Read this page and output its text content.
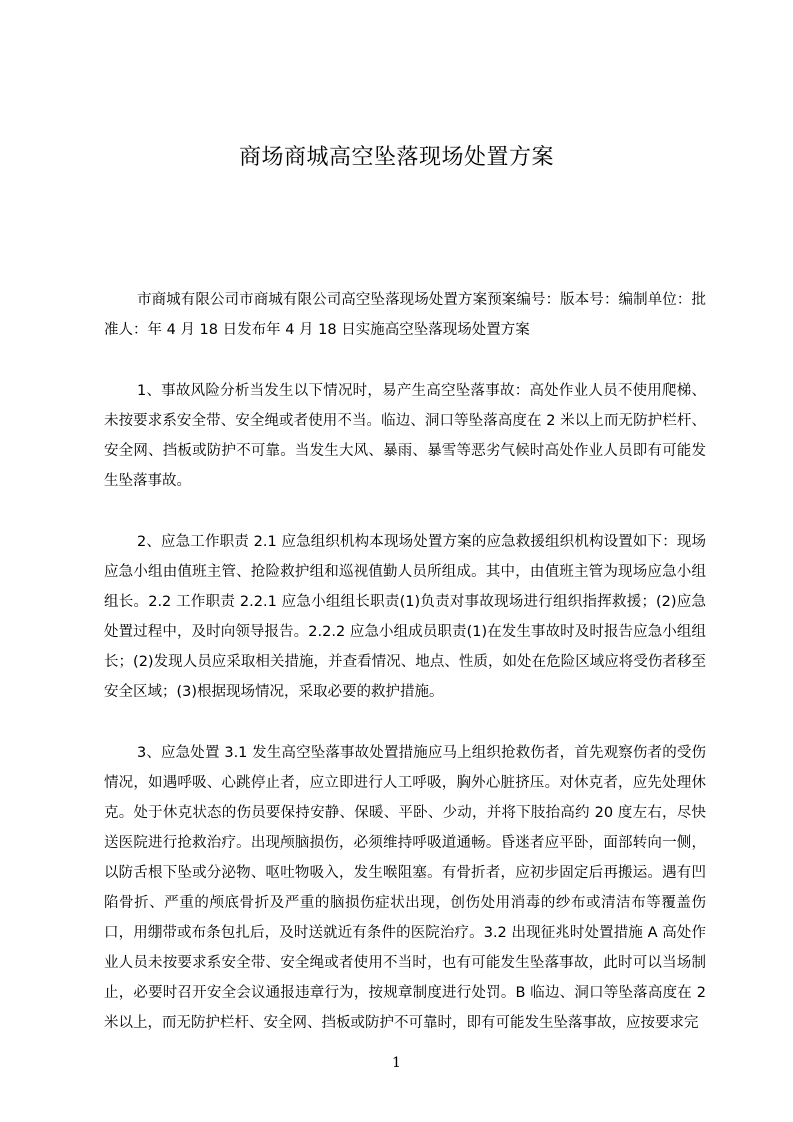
商场商城高空坠落现场处置方案

市商城有限公司市商城有限公司高空坠落现场处置方案预案编号：版本号：编制单位：批准人：年 4 月 18 日发布年 4 月 18 日实施高空坠落现场处置方案

1、事故风险分析当发生以下情况时，易产生高空坠落事故：高处作业人员不使用爬梯、未按要求系安全带、安全绳或者使用不当。临边、洞口等坠落高度在 2 米以上而无防护栏杆、安全网、挡板或防护不可靠。当发生大风、暴雨、暴雪等恶劣气候时高处作业人员即有可能发生坠落事故。

2、应急工作职责 2.1 应急组织机构本现场处置方案的应急救援组织机构设置如下：现场应急小组由值班主管、抢险救护组和巡视值勤人员所组成。其中，由值班主管为现场应急小组组长。2.2 工作职责 2.2.1 应急小组组长职责(1)负责对事故现场进行组织指挥救援；(2)应急处置过程中，及时向领导报告。2.2.2 应急小组成员职责(1)在发生事故时及时报告应急小组组长；(2)发现人员应采取相关措施，并查看情况、地点、性质，如处在危险区域应将受伤者移至安全区域；(3)根据现场情况，采取必要的救护措施。

3、应急处置 3.1 发生高空坠落事故处置措施应马上组织抢救伤者，首先观察伤者的受伤情况，如遇呼吸、心跳停止者，应立即进行人工呼吸，胸外心脏挤压。对休克者，应先处理休克。处于休克状态的伤员要保持安静、保暖、平卧、少动，并将下肢抬高约 20 度左右，尽快送医院进行抢救治疗。出现颅脑损伤，必须维持呼吸道通畅。昏迷者应平卧，面部转向一侧，以防舌根下坠或分泌物、呕吐物吸入，发生喉阻塞。有骨折者，应初步固定后再搬运。遇有凹陷骨折、严重的颅底骨折及严重的脑损伤症状出现，创伤处用消毒的纱布或清洁布等覆盖伤口，用绷带或布条包扎后，及时送就近有条件的医院治疗。3.2 出现征兆时处置措施 A 高处作业人员未按要求系安全带、安全绳或者使用不当时，也有可能发生坠落事故，此时可以当场制止，必要时召开安全会议通报违章行为，按规章制度进行处罚。B 临边、洞口等坠落高度在 2 米以上，而无防护栏杆、安全网、挡板或防护不可靠时，即有可能发生坠落事故，应按要求完

1
